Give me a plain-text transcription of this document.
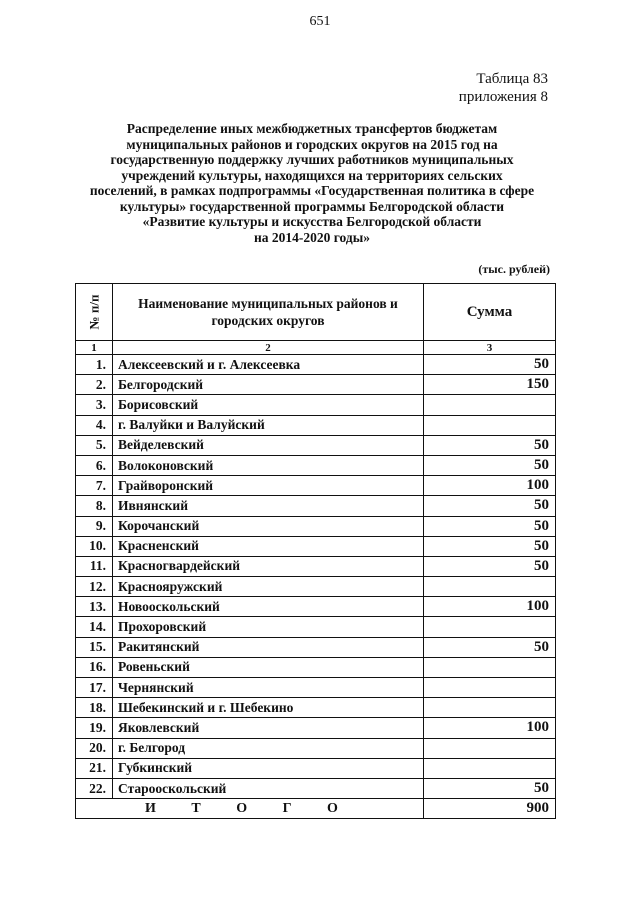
651
Таблица 83
приложения 8
Распределение иных межбюджетных трансфертов бюджетам
муниципальных районов и городских округов на 2015 год на
государственную поддержку лучших работников муниципальных
учреждений культуры, находящихся на территориях сельских
поселений, в рамках подпрограммы «Государственная политика в сфере
культуры» государственной программы Белгородской области
«Развитие культуры и искусства Белгородской области
на 2014-2020 годы»
(тыс. рублей)
№ п/п	Наименование муниципальных районов и городских округов	Сумма
1	2	3
1.	Алексеевский и г. Алексеевка	50
2.	Белгородский	150
3.	Борисовский	
4.	г. Валуйки и Валуйский	
5.	Вейделевский	50
6.	Волоконовский	50
7.	Грайворонский	100
8.	Ивнянский	50
9.	Корочанский	50
10.	Красненский	50
11.	Красногвардейский	50
12.	Краснояружский	
13.	Новооскольский	100
14.	Прохоровский	
15.	Ракитянский	50
16.	Ровеньский	
17.	Чернянский	
18.	Шебекинский и г. Шебекино	
19.	Яковлевский	100
20.	г. Белгород	
21.	Губкинский	
22.	Старооскольский	50
И Т О Г О		900
